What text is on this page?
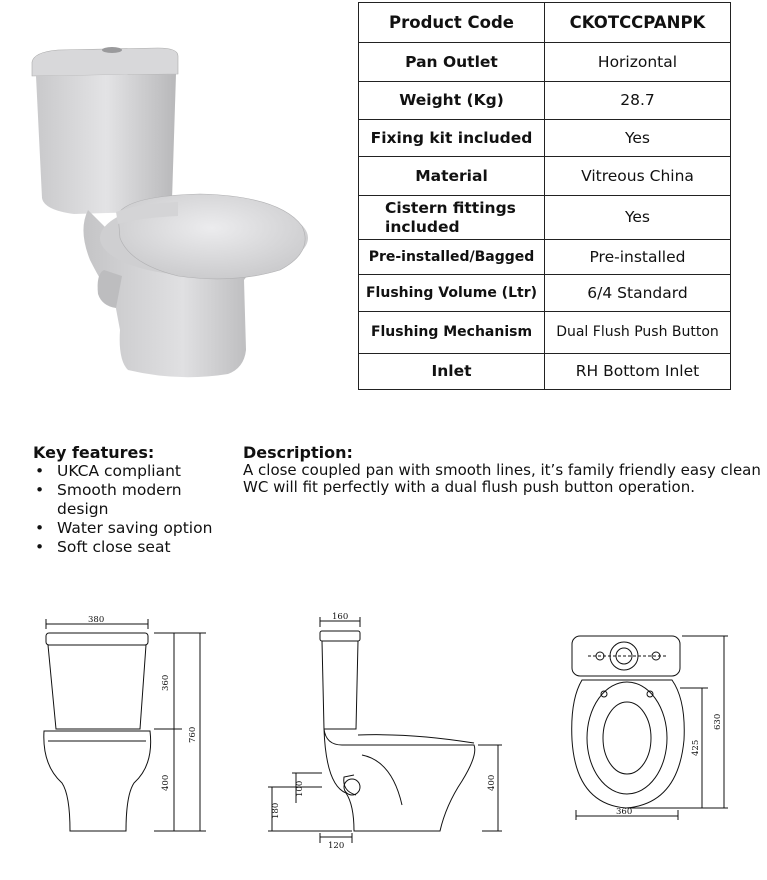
Product Code	CKOTCCPANPK
Pan Outlet	Horizontal
Weight (Kg)	28.7
Fixing kit included	Yes
Material	Vitreous China
Cistern fittings included	Yes
Pre-installed/Bagged	Pre-installed
Flushing Volume (Ltr)	6/4 Standard
Flushing Mechanism	Dual Flush Push Button
Inlet	RH Bottom Inlet
Key features:
• UKCA compliant
• Smooth modern design
• Water saving option
• Soft close seat
Description:

A close coupled pan with smooth lines, it’s family friendly easy clean WC will fit perfectly with a dual flush push button operation.

380
360
400
760
160
100
180
120
400
360
425
630
